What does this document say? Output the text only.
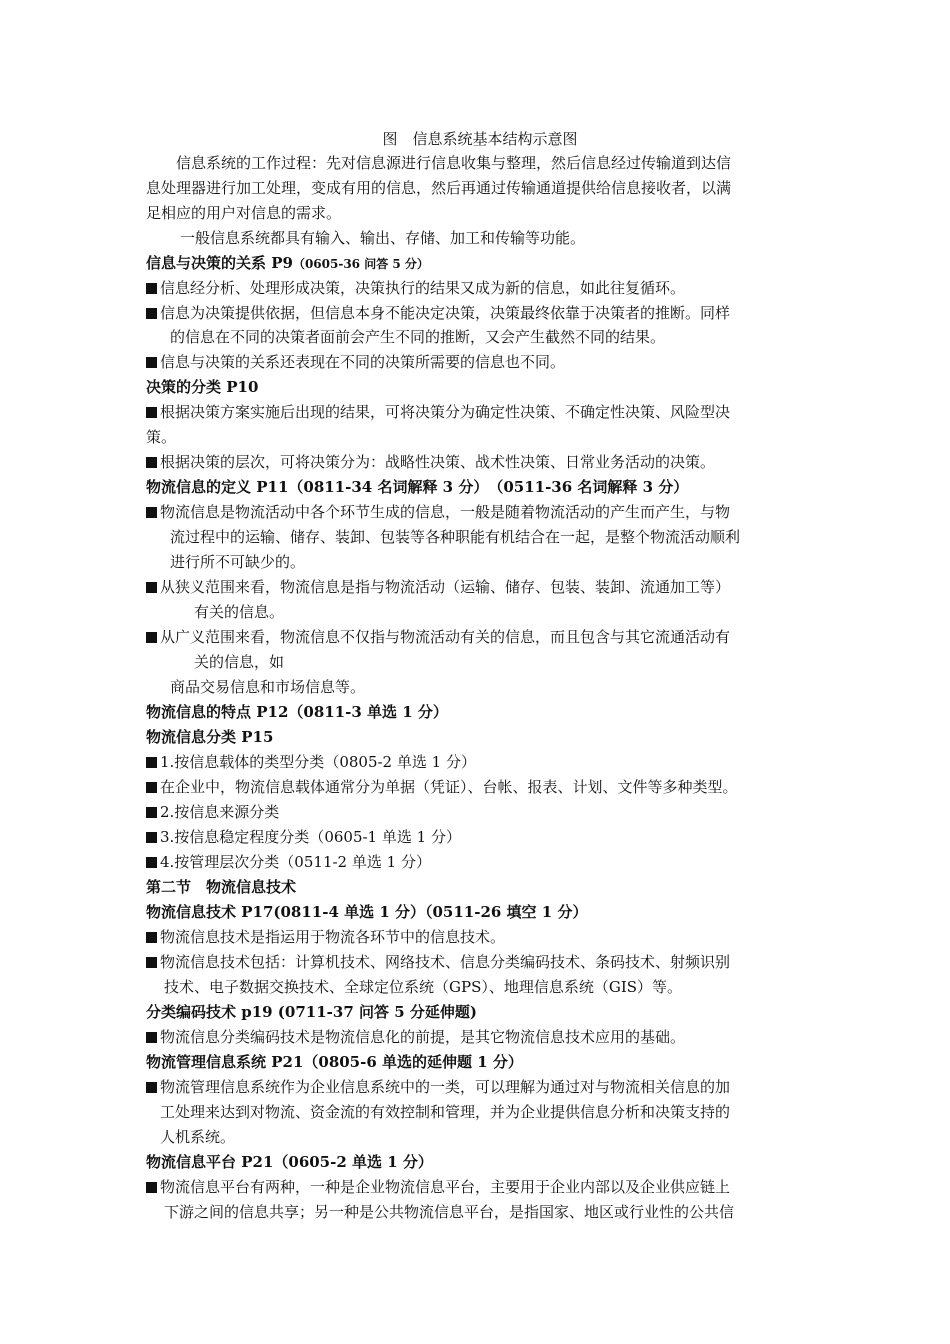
图　信息系统基本结构示意图
信息系统的工作过程：先对信息源进行信息收集与整理，然后信息经过传输道到达信
息处理器进行加工处理，变成有用的信息，然后再通过传输通道提供给信息接收者，以满
足相应的用户对信息的需求。
一般信息系统都具有输入、输出、存储、加工和传输等功能。
信息与决策的关系 P9（0605-36 问答 5 分）
信息经分析、处理形成决策，决策执行的结果又成为新的信息，如此往复循环。
信息为决策提供依据，但信息本身不能决定决策，决策最终依靠于决策者的推断。同样
的信息在不同的决策者面前会产生不同的推断，又会产生截然不同的结果。
信息与决策的关系还表现在不同的决策所需要的信息也不同。
决策的分类 P10
根据决策方案实施后出现的结果，可将决策分为确定性决策、不确定性决策、风险型决
策。
根据决策的层次，可将决策分为：战略性决策、战术性决策、日常业务活动的决策。
物流信息的定义 P11（0811-34 名词解释 3 分）　（0511-36 名词解释 3 分）
物流信息是物流活动中各个环节生成的信息，一般是随着物流活动的产生而产生，与物
流过程中的运输、储存、装卸、包装等各种职能有机结合在一起，是整个物流活动顺利
进行所不可缺少的。
从狭义范围来看，物流信息是指与物流活动（运输、储存、包装、装卸、流通加工等）
有关的信息。
从广义范围来看，物流信息不仅指与物流活动有关的信息，而且包含与其它流通活动有
关的信息，如
商品交易信息和市场信息等。
物流信息的特点 P12（0811-3 单选 1 分）
物流信息分类 P15
1.按信息载体的类型分类（0805-2 单选 1 分）
在企业中，物流信息载体通常分为单据（凭证）、台帐、报表、计划、文件等多种类型。
2.按信息来源分类
3.按信息稳定程度分类（0605-1 单选 1 分）
4.按管理层次分类（0511-2 单选 1 分）
第二节　物流信息技术
物流信息技术 P17(0811-4 单选 1 分）（0511-26 填空 1 分）
物流信息技术是指运用于物流各环节中的信息技术。
物流信息技术包括：计算机技术、网络技术、信息分类编码技术、条码技术、射频识别
技术、电子数据交换技术、全球定位系统（GPS）、地理信息系统（GIS）等。
分类编码技术 p19 (0711-37 问答 5 分延伸题)
物流信息分类编码技术是物流信息化的前提，是其它物流信息技术应用的基础。
物流管理信息系统 P21（0805-6 单选的延伸题 1 分）
物流管理信息系统作为企业信息系统中的一类，可以理解为通过对与物流相关信息的加
工处理来达到对物流、资金流的有效控制和管理，并为企业提供信息分析和决策支持的
人机系统。
物流信息平台 P21（0605-2 单选 1 分）
物流信息平台有两种，一种是企业物流信息平台，主要用于企业内部以及企业供应链上
下游之间的信息共享；另一种是公共物流信息平台，是指国家、地区或行业性的公共信
